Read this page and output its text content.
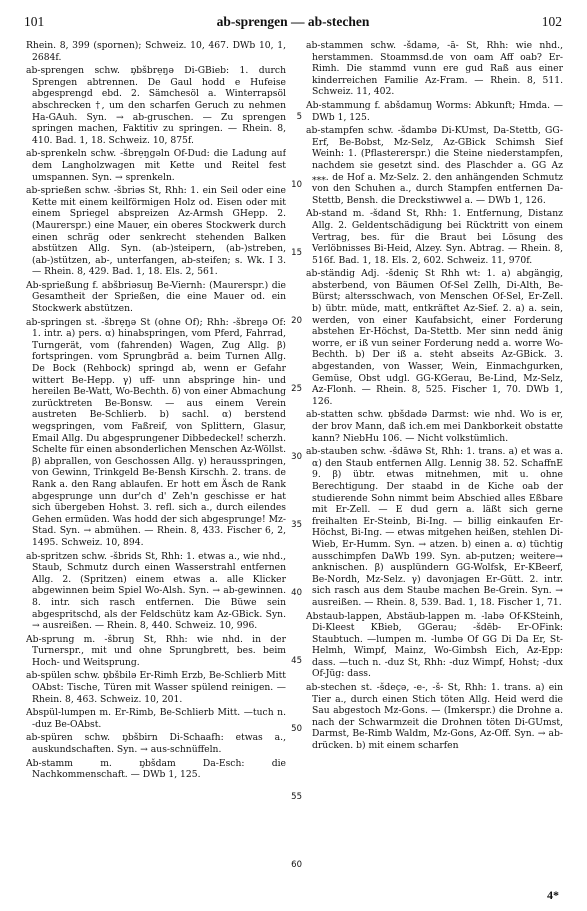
101	ab-sprengen — ab-stechen	102

Rhein. 8, 399 (spornen); Schweiz. 10, 467. DWb 10, 1, 2684f.

ab-sprengen schw. ɒ̧bšbrẹŋə Di-GBieb: 1. durch Sprengen abtrennen. De Gaul hodd e Hufeise abgesprengd ebd. 2. Sämchesöl a. Winterrapsöl abschrecken †, um den scharfen Geruch zu nehmen Ha-GAuh. Syn. → ab-gruschen. — Zu sprengen springen machen, Faktitiv zu springen. — Rhein. 8, 410. Bad. 1, 18. Schweiz. 10, 875f.

ab-sprenkeln schw. -šbrẹŋgəln Of-Dud: die Ladung auf dem Langholzwagen mit Kette und Reitel fest umspannen. Syn. → sprenkeln.

ab-sprießen schw. -šbriəs St, Rhh: 1. ein Seil oder eine Kette mit einem keilförmigen Holz od. Eisen oder mit einem Spriegel abspreizen Az-Armsh GHepp. 2. (Maurerspr.) eine Mauer, ein oberes Stockwerk durch einen schräg oder senkrecht stehenden Balken abstützen Allg. Syn. (ab-)steipern, (ab-)streben, (ab-)stützen, ab-, unterfangen, ab-steifen; s. Wk. I 3. — Rhein. 8, 429. Bad. 1, 18. Els. 2, 561.

Ab-sprießung f. abšbriəsuŋ Be-Viernh: (Maurerspr.) die Gesamtheit der Sprießen, die eine Mauer od. ein Stockwerk abstützen.

ab-springen st. -šbrẹŋə St (ohne Of); Rhh: -šbreŋə Of: 1. intr. a) pers. α) hinabspringen, vom Pferd, Fahrrad, Turngerät, vom (fahrenden) Wagen, Zug Allg. β) fortspringen. vom Sprungbrād a. beim Turnen Allg. De Bock (Rehbock) springd ab, wenn er Gefahr wittert Be-Hepp. γ) uff- unn abspringe hin- und hereilen Be-Watt, Wo-Bechth. δ) von einer Abmachung zurücktreten Be-Bonsw. — aus einem Verein austreten Be-Schlierb. b) sachl. α) berstend wegspringen, vom Faßreif, von Splittern, Glasur, Email Allg. Du abgesprungener Dibbedeckel! scherzh. Schelte für einen absonderlichen Menschen Az-Wöllst. β) abprallen, von Geschossen Allg. γ) herausspringen, von Gewinn, Trinkgeld Be-Bensh Kirschh. 2. trans. de Rank a. den Rang ablaufen. Er hott em Äsch de Rank abgesprunge unn dur'ch d' Zeh'n geschisse er hat sich übergeben Hohst. 3. refl. sich a., durch eilendes Gehen ermüden. Was hodd der sich abgesprunge! Mz-Stad. Syn. → abmühen. — Rhein. 8, 433. Fischer 6, 2, 1495. Schweiz. 10, 894.

ab-spritzen schw. -šbrids St, Rhh: 1. etwas a., wie nhd., Staub, Schmutz durch einen Wasserstrahl entfernen Allg. 2. (Spritzen) einem etwas a. alle Klicker abgewinnen beim Spiel Wo-Alsh. Syn. → ab-gewinnen. 8. intr. sich rasch entfernen. Die Büwe sein abgespritschd, als der Feldschütz kam Az-GBick. Syn. → ausreißen. — Rhein. 8, 440. Schweiz. 10, 996.

Ab-sprung m. -šbruŋ St, Rhh: wie nhd. in der Turnerspr., mit und ohne Sprungbrett, bes. beim Hoch- und Weitsprung.

ab-spülen schw. ɒ̧bšbilə Er-Rimh Erzb, Be-Schlierb Mitt OAbst: Tische, Türen mit Wasser spülend reinigen. — Rhein. 8, 463. Schweiz. 10, 201.

Abspül-lumpen m. Er-Rimb, Be-Schlierb Mitt. —tuch n. -duz Be-OAbst.

ab-spüren schw. ɒ̧bšbirn Di-Schaafh: etwas a., auskundschaften. Syn. → aus-schnüffeln.

Ab-stamm m. ɒ̧bšdam Da-Esch: die Nachkommenschaft. — DWb 1, 125.

5
10
15
20
25
30
35
40
45
50
55
60

ab-stammen schw. -šdamə, -ā- St, Rhh: wie nhd., herstammen. Stoammsd.de von oam Aff oab? Er-Rimh. Die stammd vunn ere gud Raß aus einer kinderreichen Familie Az-Fram. — Rhein. 8, 511. Schweiz. 11, 402.

Ab-stammung f. abšdamuŋ Worms: Abkunft; Hmda. — DWb 1, 125.

ab-stampfen schw. -šdambə Di-KUmst, Da-Stettb, GG-Erf, Be-Bobst, Mz-Selz, Az-GBick Schimsh Sief Weinh: 1. (Pflastererspr.) die Steine niederstampfen, nachdem sie gesetzt sind. des Plaschder a. GG Az ⁎⁎⁎. de Hof a. Mz-Selz. 2. den anhängenden Schmutz von den Schuhen a., durch Stampfen entfernen Da-Stettb, Bensh. die Dreckstiwwel a. — DWb 1, 126.

Ab-stand m. -šdand St, Rhh: 1. Entfernung, Distanz Allg. 2. Geldentschädigung bei Rücktritt von einem Vertrag, bes. für die Braut bei Lösung des Verlöbnisses Bi-Heid, Alzey. Syn. Abtrag. — Rhein. 8, 516f. Bad. 1, 18. Els. 2, 602. Schweiz. 11, 970f.

ab-ständig Adj. -šdeniç St Rhh wt: 1. a) abgängig, absterbend, von Bäumen Of-Sel Zellh, Di-Alth, Be-Bürst; altersschwach, von Menschen Of-Sel, Er-Zell. b) übtr. müde, matt, entkräftet Az-Sief. 2. a) a. sein, werden, von einer Kaufabsicht, einer Forderung abstehen Er-Höchst, Da-Stettb. Mer sinn nedd änig worre, er iß vun seiner Forderung nedd a. worre Wo-Bechth. b) Der iß a. steht abseits Az-GBick. 3. abgestanden, von Wasser, Wein, Einmachgurken, Gemüse, Obst udgl. GG-KGerau, Be-Lind, Mz-Selz, Az-Flonh. — Rhein. 8, 525. Fischer 1, 70. DWb 1, 126.

ab-statten schw. ɒ̧bšdadə Darmst: wie nhd. Wo is er, der brov Mann, daß ich.em mei Dankborkeit obstatte kann? NiebHu 106. — Nicht volkstümlich.

ab-stauben schw. -šdāwə St, Rhh: 1. trans. a) et was a. α) den Staub entfernen Allg. Lennig 38. 52. SchaffnE 9. β) übtr. etwas mitnehmen, mit u. ohne Berechtigung. Der staabd in de Kiche oab der studierende Sohn nimmt beim Abschied alles Eßbare mit Er-Zell. — E dud gern a. läßt sich gerne freihalten Er-Steinb, Bi-Ing. — billig einkaufen Er-Höchst, Bi-Ing. — etwas mitgehen heißen, stehlen Di-Wieb, Er-Humm. Syn. → atzen. b) einen a. α) tüchtig ausschimpfen DaWb 199. Syn. ab-putzen; weitere→ anknischen. β) ausplündern GG-Wolfsk, Er-KBeerf, Be-Nordh, Mz-Selz. γ) davonjagen Er-Gütt. 2. intr. sich rasch aus dem Staube machen Be-Grein. Syn. → ausreißen. — Rhein. 8, 539. Bad. 1, 18. Fischer 1, 71.

Abstaub-lappen, Abstäub-lappen m. -labə Of-KSteinh, Di-Kleest KBieb, GGerau; -šdēb- Er-OFink: Staubtuch. —lumpen m. -lumbə Of GG Di Da Er, St-Helmh, Wimpf, Mainz, Wo-Gimbsh Eich, Az-Epp: dass. —tuch n. -duz St, Rhh: -duz Wimpf, Hohst; -dux Of-Jüg: dass.

ab-stechen st. -šdeçə, -e-, -š- St, Rhh: 1. trans. a) ein Tier a., durch einen Stich töten Allg. Heid werd die Sau abgestoch Mz-Gons. — (Imkerspr.) die Drohne a. nach der Schwarmzeit die Drohnen töten Di-GUmst, Darmst, Be-Rimb Waldm, Mz-Gons, Az-Off. Syn. → ab-drücken. b) mit einem scharfen

4*
